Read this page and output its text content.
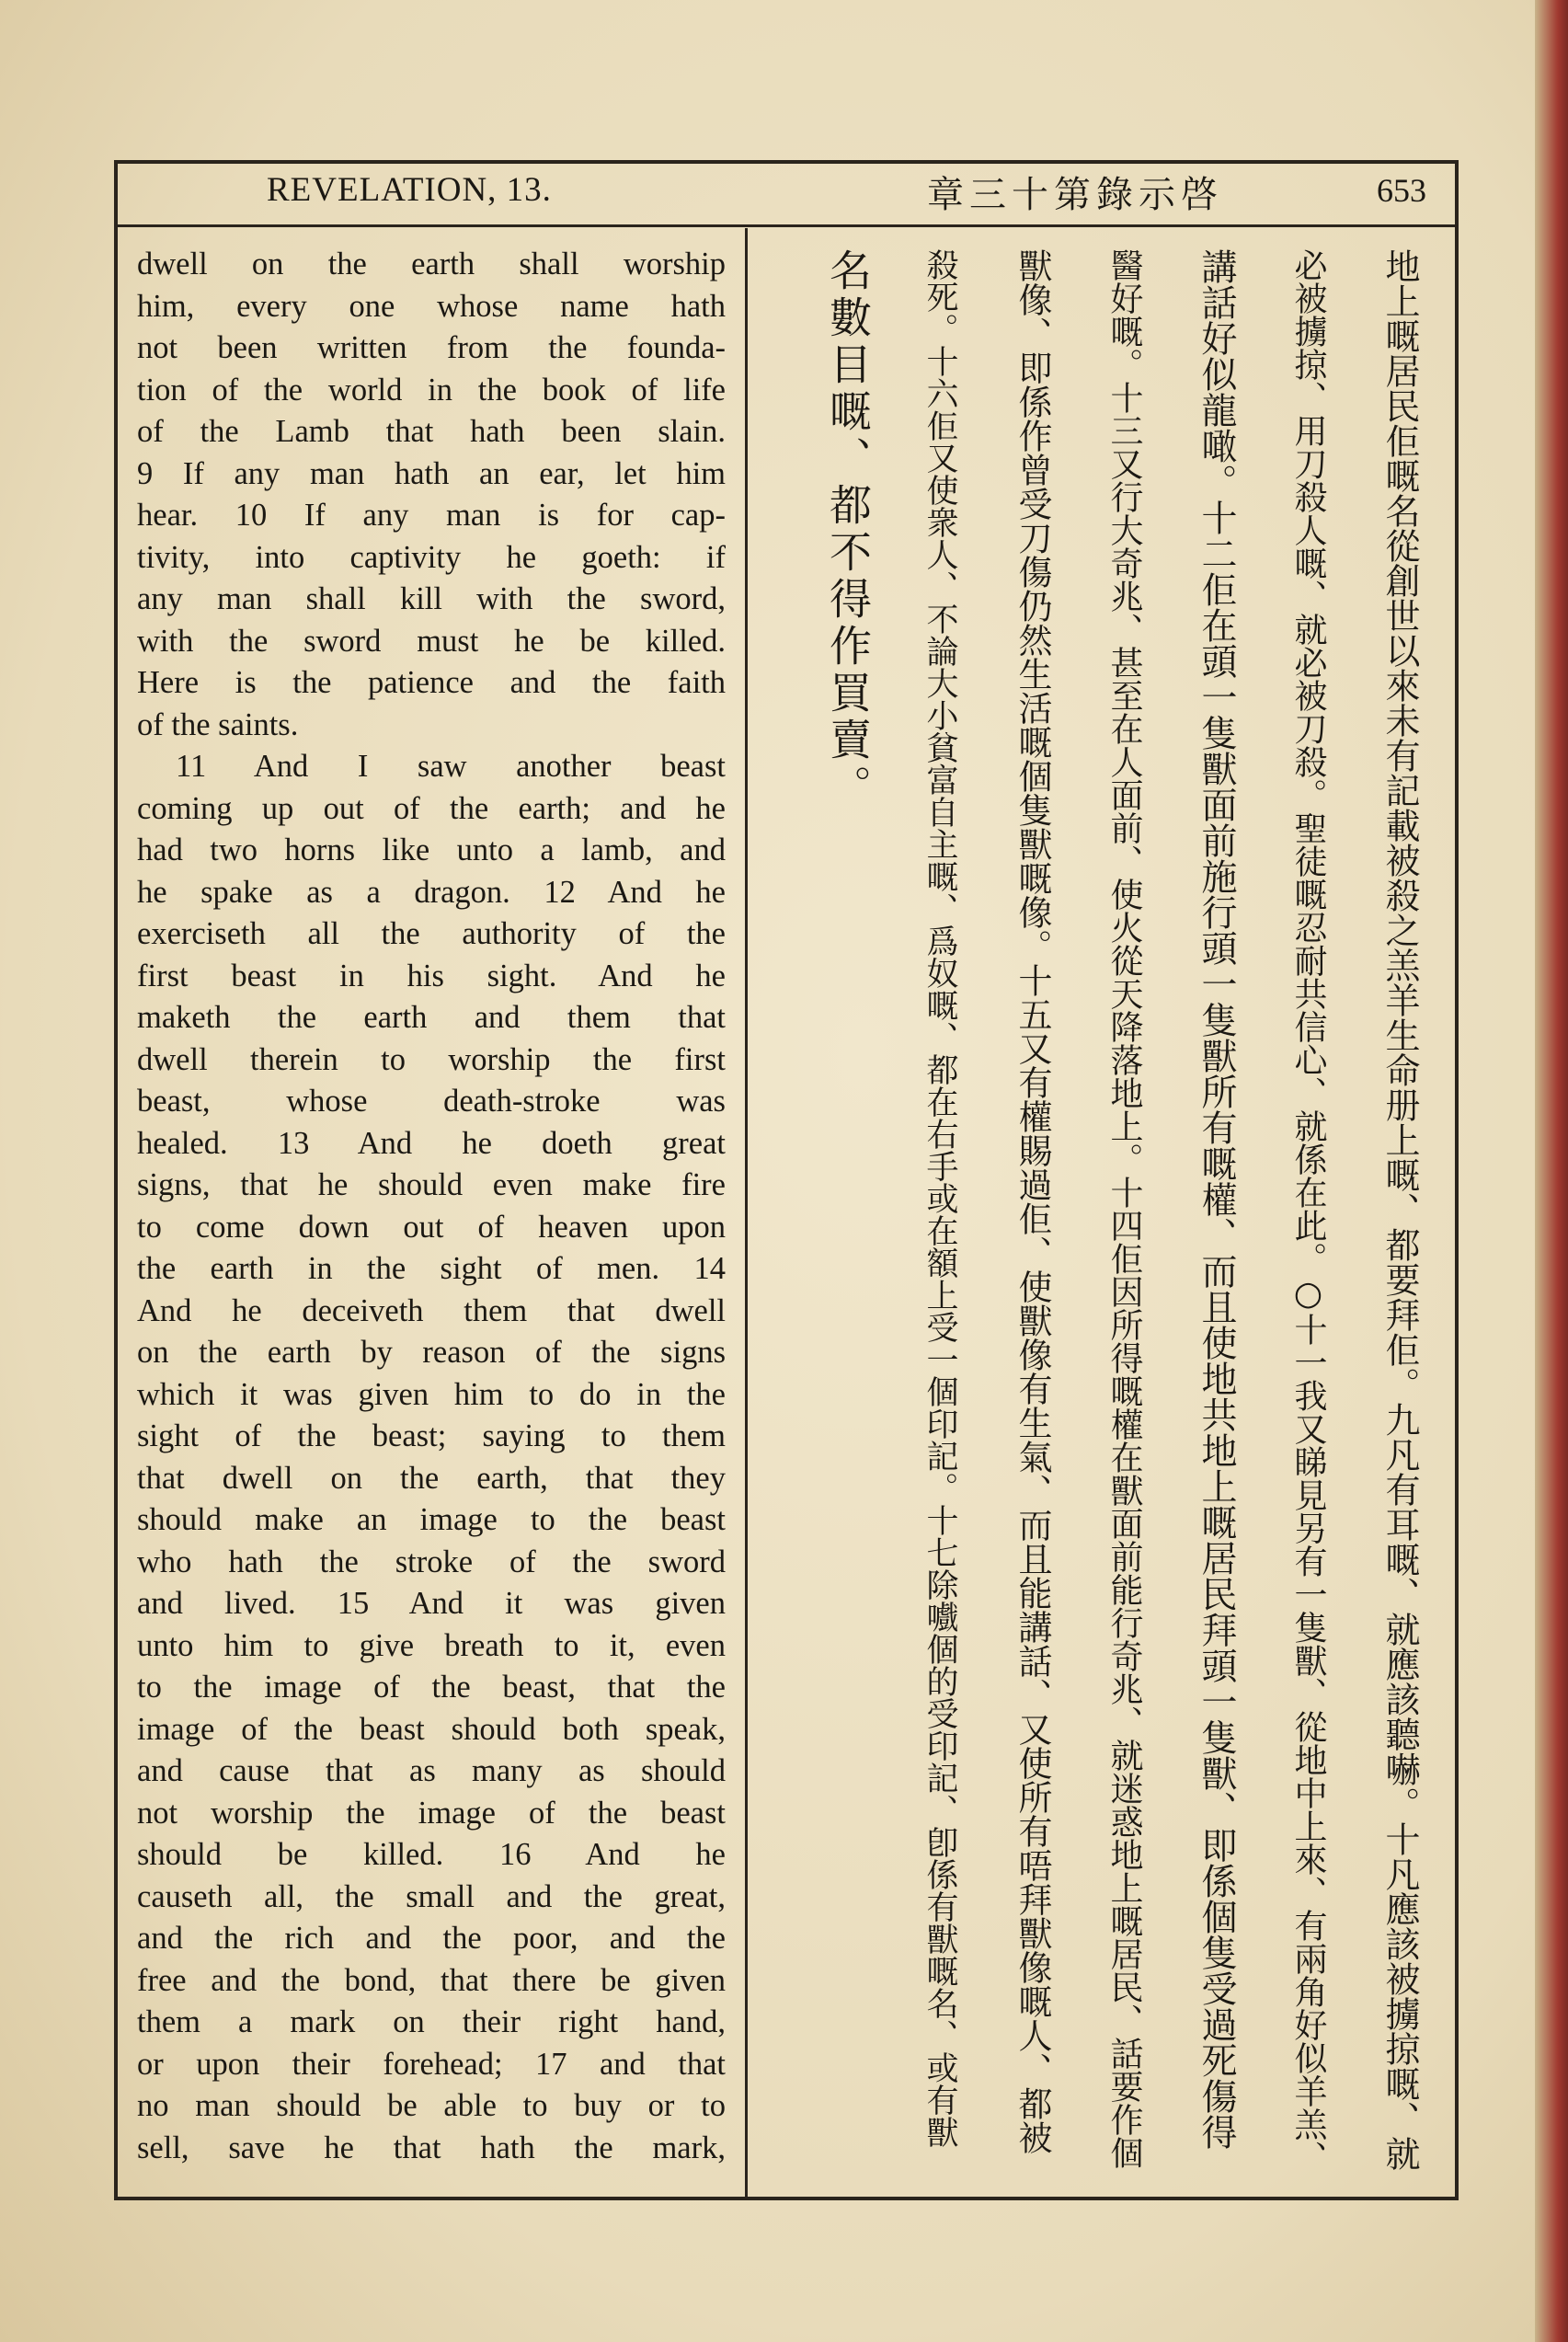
REVELATION, 13.	章三十第錄示啓	653
dwell on the earth shall worship
him, every one whose name hath
not been written from the founda-
tion of the world in the book of life
of the Lamb that hath been slain.
9 If any man hath an ear, let him
hear. 10 If any man is for cap-
tivity, into captivity he goeth: if
any man shall kill with the sword,
with the sword must he be killed.
Here is the patience and the faith
of the saints.
11 And I saw another beast
coming up out of the earth; and he
had two horns like unto a lamb, and
he spake as a dragon. 12 And he
exerciseth all the authority of the
first beast in his sight. And he
maketh the earth and them that
dwell therein to worship the first
beast, whose death-stroke was
healed. 13 And he doeth great
signs, that he should even make fire
to come down out of heaven upon
the earth in the sight of men. 14
And he deceiveth them that dwell
on the earth by reason of the signs
which it was given him to do in the
sight of the beast; saying to them
that dwell on the earth, that they
should make an image to the beast
who hath the stroke of the sword
and lived. 15 And it was given
unto him to give breath to it, even
to the image of the beast, that the
image of the beast should both speak,
and cause that as many as should
not worship the image of the beast
should be killed. 16 And he
causeth all, the small and the great,
and the rich and the poor, and the
free and the bond, that there be given
them a mark on their right hand,
or upon their forehead; 17 and that
no man should be able to buy or to
sell, save he that hath the mark,	地上嘅居民佢嘅名從創世以來未有記載被殺之羔羊生命册上嘅、都要拜佢。九凡有耳嘅、就應該聽嚇。十凡應該被擄掠嘅、就
必被擄掠、用刀殺人嘅、就必被刀殺。聖徒嘅忍耐共信心、就係在此。○十一我又睇見另有一隻獸、從地中上來、有兩角好似羊羔、
講話好似龍噉。十二佢在頭一隻獸面前施行頭一隻獸所有嘅權、而且使地共地上嘅居民拜頭一隻獸、即係個隻受過死傷得
醫好嘅。十三又行大奇兆、甚至在人面前、使火從天降落地上。十四佢因所得嘅權在獸面前能行奇兆、就迷惑地上嘅居民、話要作個
獸像、即係作曾受刀傷仍然生活嘅個隻獸嘅像。十五又有權賜過佢、使獸像有生氣、而且能講話、又使所有唔拜獸像嘅人、都被
殺死。十六佢又使衆人、不論大小貧富自主嘅、爲奴嘅、都在右手或在額上受一個印記。十七除嚱個的受印記、卽係有獸嘅名、或有獸
名數目嘅、都不得作買賣。
